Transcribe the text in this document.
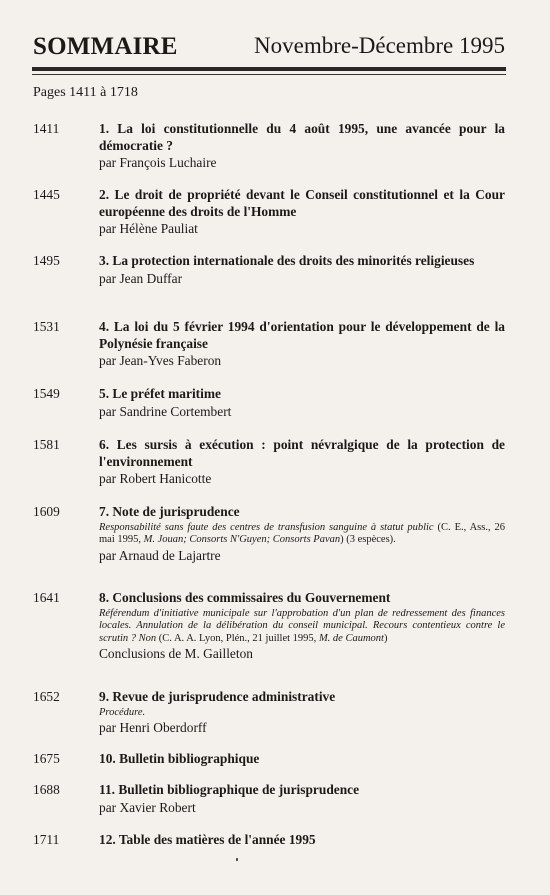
SOMMAIRE	Novembre-Décembre 1995
Pages 1411 à 1718
1411	1. La loi constitutionnelle du 4 août 1995, une avancée pour la démocratie ?
par François Luchaire
1445	2. Le droit de propriété devant le Conseil constitutionnel et la Cour européenne des droits de l'Homme
par Hélène Pauliat
1495	3. La protection internationale des droits des minorités religieuses
par Jean Duffar
1531	4. La loi du 5 février 1994 d'orientation pour le développement de la Polynésie française
par Jean-Yves Faberon
1549	5. Le préfet maritime
par Sandrine Cortembert
1581	6. Les sursis à exécution : point névralgique de la protection de l'environnement
par Robert Hanicotte
1609	7. Note de jurisprudence
Responsabilité sans faute des centres de transfusion sanguine à statut public (C. E., Ass., 26 mai 1995, M. Jouan; Consorts N'Guyen; Consorts Pavan) (3 espèces).
par Arnaud de Lajartre
1641	8. Conclusions des commissaires du Gouvernement
Référendum d'initiative municipale sur l'approbation d'un plan de redressement des finances locales. Annulation de la délibération du conseil municipal. Recours contentieux contre le scrutin ? Non (C. A. A. Lyon, Plén., 21 juillet 1995, M. de Caumont)
Conclusions de M. Gailleton
1652	9. Revue de jurisprudence administrative
Procédure.
par Henri Oberdorff
1675	10. Bulletin bibliographique
1688	11. Bulletin bibliographique de jurisprudence
par Xavier Robert
1711	12. Table des matières de l'année 1995
